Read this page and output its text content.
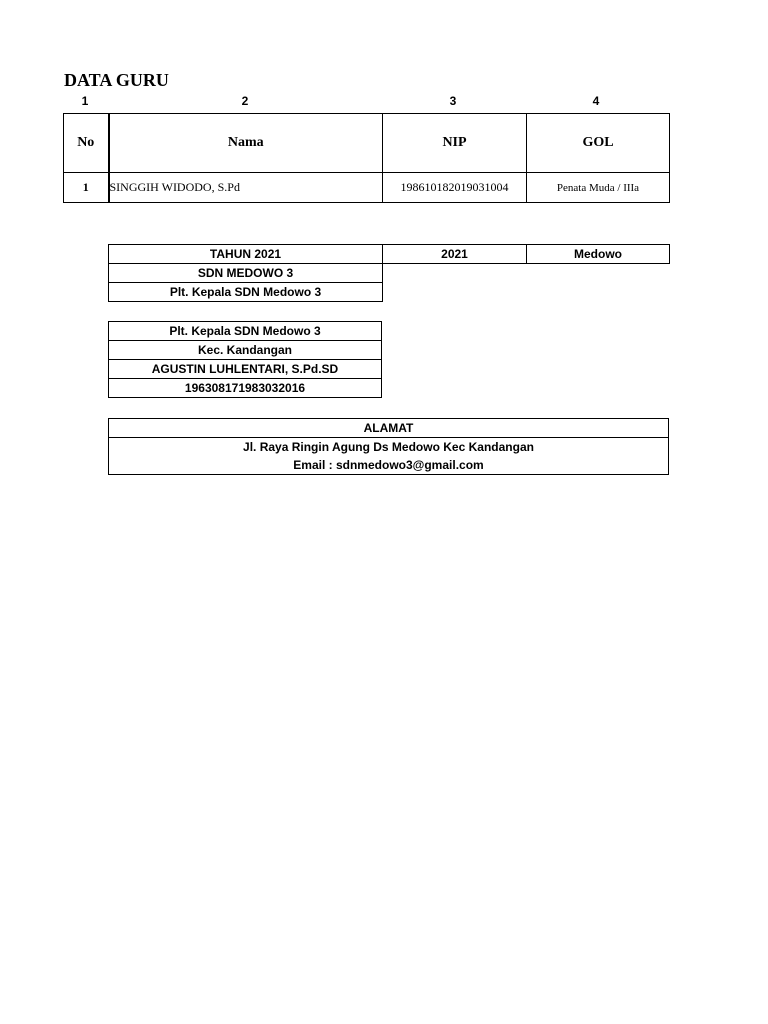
DATA GURU
1	2	3	4
No	Nama	NIP	GOL
1	SINGGIH WIDODO, S.Pd	198610182019031004	Penata Muda / IIIa
TAHUN 2021	2021	Medowo
SDN MEDOWO 3		
Plt. Kepala SDN Medowo 3		
Plt. Kepala SDN Medowo 3
Kec. Kandangan
AGUSTIN LUHLENTARI, S.Pd.SD
196308171983032016
ALAMAT
Jl. Raya Ringin Agung Ds Medowo Kec Kandangan
Email : sdnmedowo3@gmail.com
